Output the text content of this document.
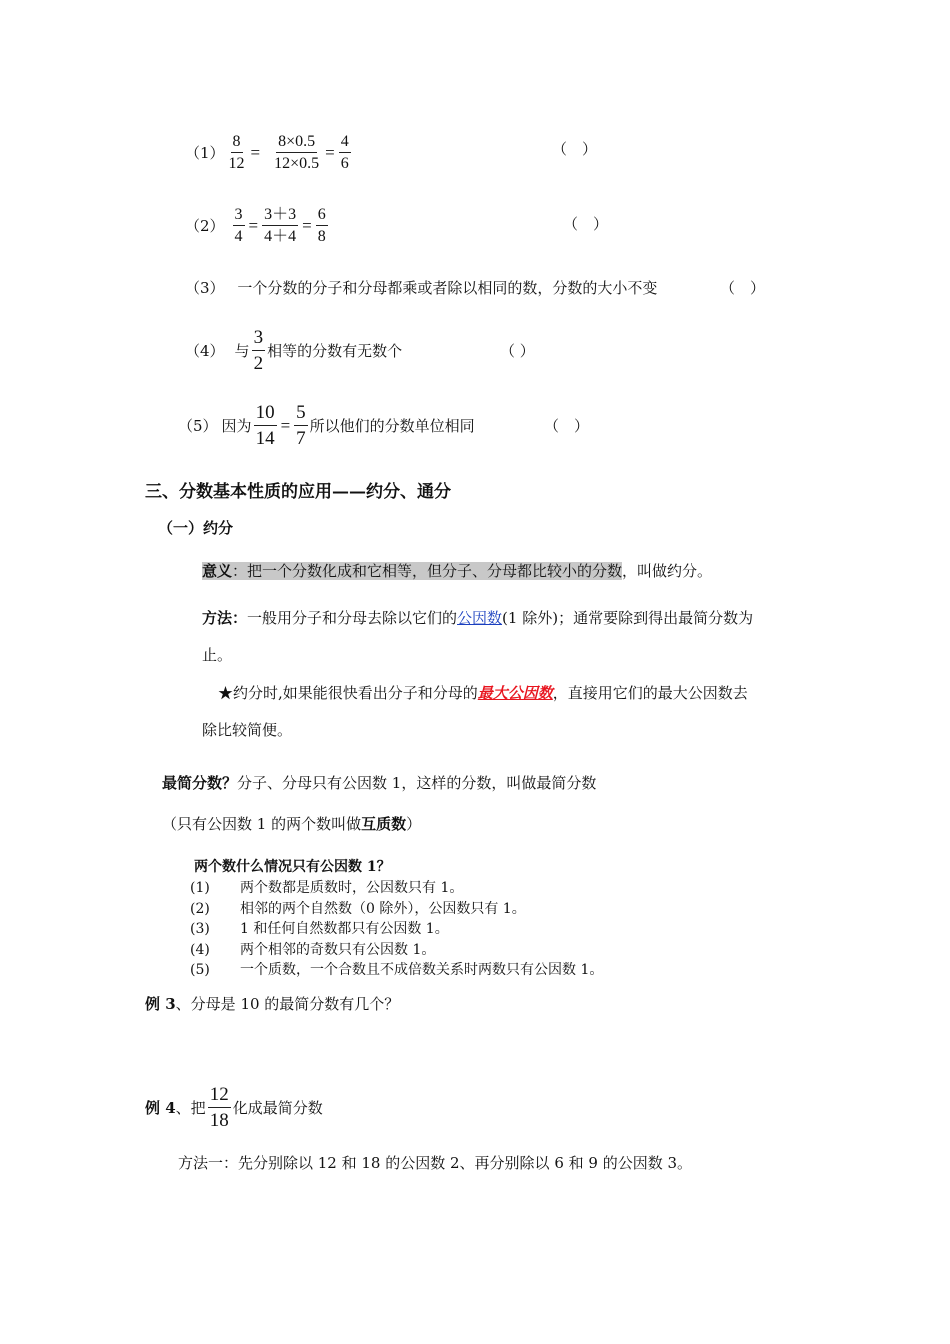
$(1) \frac{8}{12} = \frac{8\times 0.5}{12\times 0.5} = \frac{4}{6}$	（　）
$(2) \frac{3}{4} = \frac{3+3}{4+4} = \frac{6}{8}$	（　）
（3） 一个分数的分子和分母都乘或者除以相同的数，分数的大小不变	（　）
（4） 与 $\frac{3}{2}$ 相等的分数有无数个	（ ）
（5） 因为 $\frac{10}{14} = \frac{5}{7}$ 所以他们的分数单位相同	（　）
三、分数基本性质的应用——约分、通分
（一）约分
意义：把一个分数化成和它相等，但分子、分母都比较小的分数，叫做约分。
方法：一般用分子和分母去除以它们的公因数(1 除外)；通常要除到得出最简分数为
止。
★约分时,如果能很快看出分子和分母的最大公因数，直接用它们的最大公因数去
除比较简便。
最简分数？分子、分母只有公因数 1，这样的分数，叫做最简分数
（只有公因数 1 的两个数叫做互质数）
两个数什么情况只有公因数 1？
(1) 两个数都是质数时，公因数只有 1。
(2) 相邻的两个自然数（0 除外），公因数只有 1。
(3) 1 和任何自然数都只有公因数 1。
(4) 两个相邻的奇数只有公因数 1。
(5) 一个质数，一个合数且不成倍数关系时两数只有公因数 1。
例 3、分母是 10 的最简分数有几个？
例 4 、把 $\frac{12}{18}$ 化成最简分数
方法一：先分别除以 12 和 18 的公因数 2、再分别除以 6 和 9 的公因数 3。
